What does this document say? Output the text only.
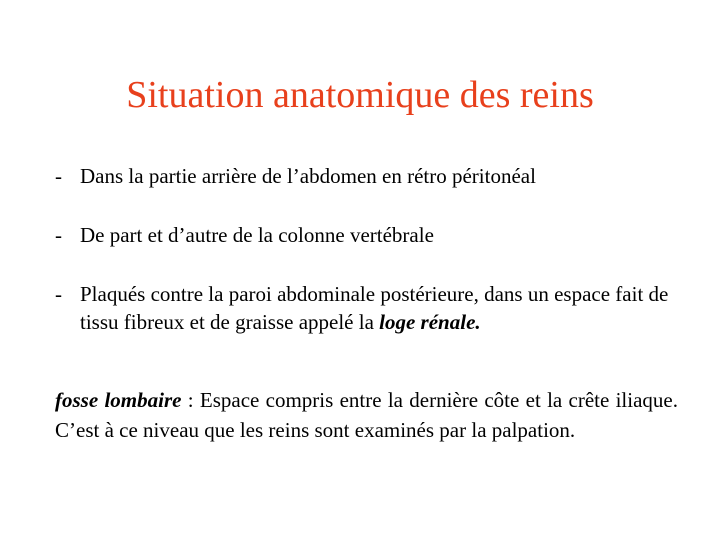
Situation anatomique des reins
- Dans la partie arrière de l’abdomen en rétro péritonéal
- De part et d’autre de la colonne vertébrale
- Plaqués contre la paroi abdominale postérieure, dans un espace fait de tissu fibreux et de graisse appelé la loge rénale.

fosse lombaire : Espace compris entre la dernière côte et la crête iliaque. C’est à ce niveau que les reins sont examinés par la palpation.
